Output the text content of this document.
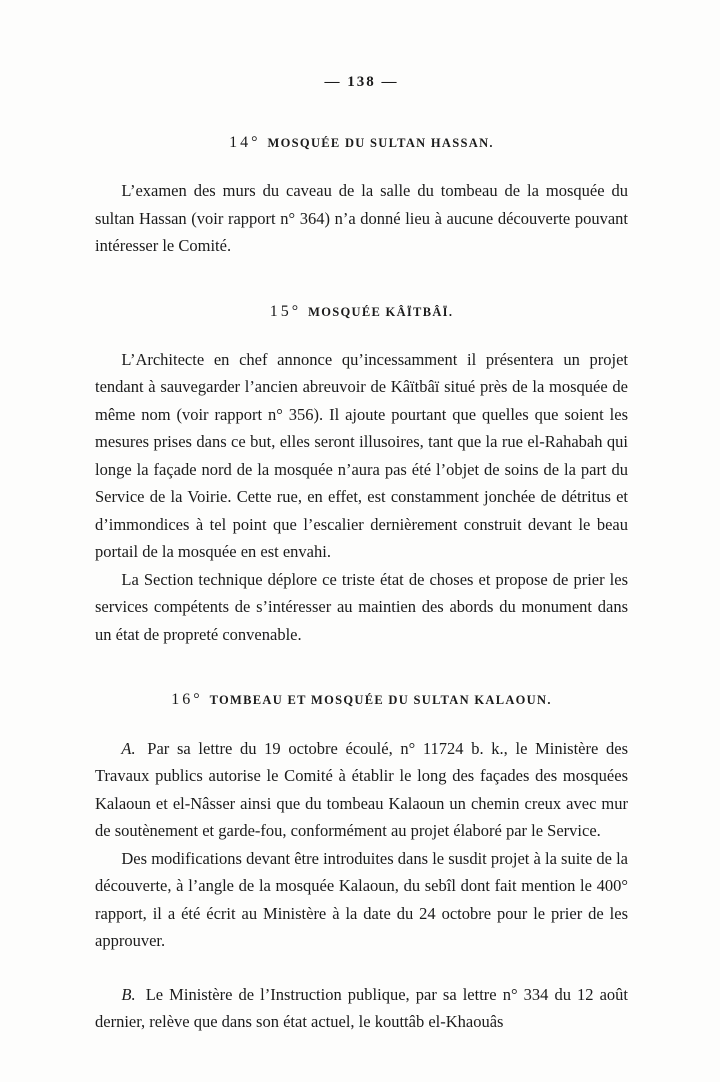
— 138 —
14° MOSQUÉE DU SULTAN HASSAN.

L’examen des murs du caveau de la salle du tombeau de la mosquée du sultan Hassan (voir rapport n° 364) n’a donné lieu à aucune découverte pouvant intéresser le Comité.

15° MOSQUÉE KÂÏTBÂÏ.

L’Architecte en chef annonce qu’incessamment il présentera un projet tendant à sauvegarder l’ancien abreuvoir de Kâïtbâï situé près de la mosquée de même nom (voir rapport n° 356). Il ajoute pourtant que quelles que soient les mesures prises dans ce but, elles seront illusoires, tant que la rue el-Rahabah qui longe la façade nord de la mosquée n’aura pas été l’objet de soins de la part du Service de la Voirie. Cette rue, en effet, est constamment jonchée de détritus et d’immondices à tel point que l’escalier dernièrement construit devant le beau portail de la mosquée en est envahi.

La Section technique déplore ce triste état de choses et propose de prier les services compétents de s’intéresser au maintien des abords du monument dans un état de propreté convenable.

16° TOMBEAU ET MOSQUÉE DU SULTAN KALAOUN.

A. Par sa lettre du 19 octobre écoulé, n° 11724 b. k., le Ministère des Travaux publics autorise le Comité à établir le long des façades des mosquées Kalaoun et el-Nâsser ainsi que du tombeau Kalaoun un chemin creux avec mur de soutènement et garde-fou, conformément au projet élaboré par le Service.

Des modifications devant être introduites dans le susdit projet à la suite de la découverte, à l’angle de la mosquée Kalaoun, du sebîl dont fait mention le 400° rapport, il a été écrit au Ministère à la date du 24 octobre pour le prier de les approuver.

B. Le Ministère de l’Instruction publique, par sa lettre n° 334 du 12 août dernier, relève que dans son état actuel, le kouttâb el-Khaouâs
